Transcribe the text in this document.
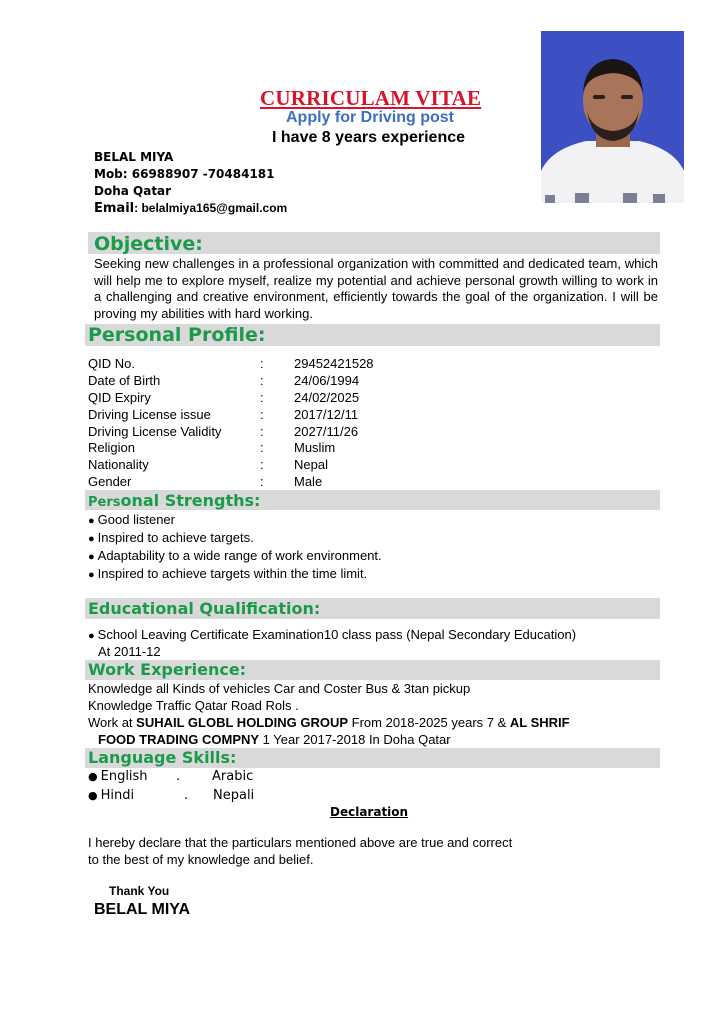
CURRICULAM VITAE
Apply for Driving post
I have 8 years experience
BELAL MIYA
Mob: 66988907 -70484181
Doha Qatar
Email: belalmiya165@gmail.com
Objective:
Seeking new challenges in a professional organization with committed and dedicated team, which will help me to explore myself, realize my potential and achieve personal growth willing to work in a challenging and creative environment, efficiently towards the goal of the organization. I will be proving my abilities with hard working.
Personal Profile:
QID No.	: 29452421528
Date of Birth	: 24/06/1994
QID Expiry	: 24/02/2025
Driving License issue	: 2017/12/11
Driving License Validity	: 2027/11/26
Religion	: Muslim
Nationality	: Nepal
Gender	: Male
Personal Strengths:
● Good listener
● Inspired to achieve targets.
● Adaptability to a wide range of work environment.
● Inspired to achieve targets within the time limit.
Educational Qualification:
● School Leaving Certificate Examination10 class pass (Nepal Secondary Education)
At 2011-12
Work Experience:
Knowledge all Kinds of vehicles Car and Coster Bus & 3tan pickup
Knowledge Traffic Qatar Road Rols .
Work at SUHAIL GLOBL HOLDING GROUP From 2018-2025 years 7 & AL SHRIF
FOOD TRADING COMPNY 1 Year 2017-2018 In Doha Qatar
Language Skills:
● English . Arabic
● Hindi	. Nepali
Declaration
I hereby declare that the particulars mentioned above are true and correct
to the best of my knowledge and belief.
Thank You
BELAL MIYA
